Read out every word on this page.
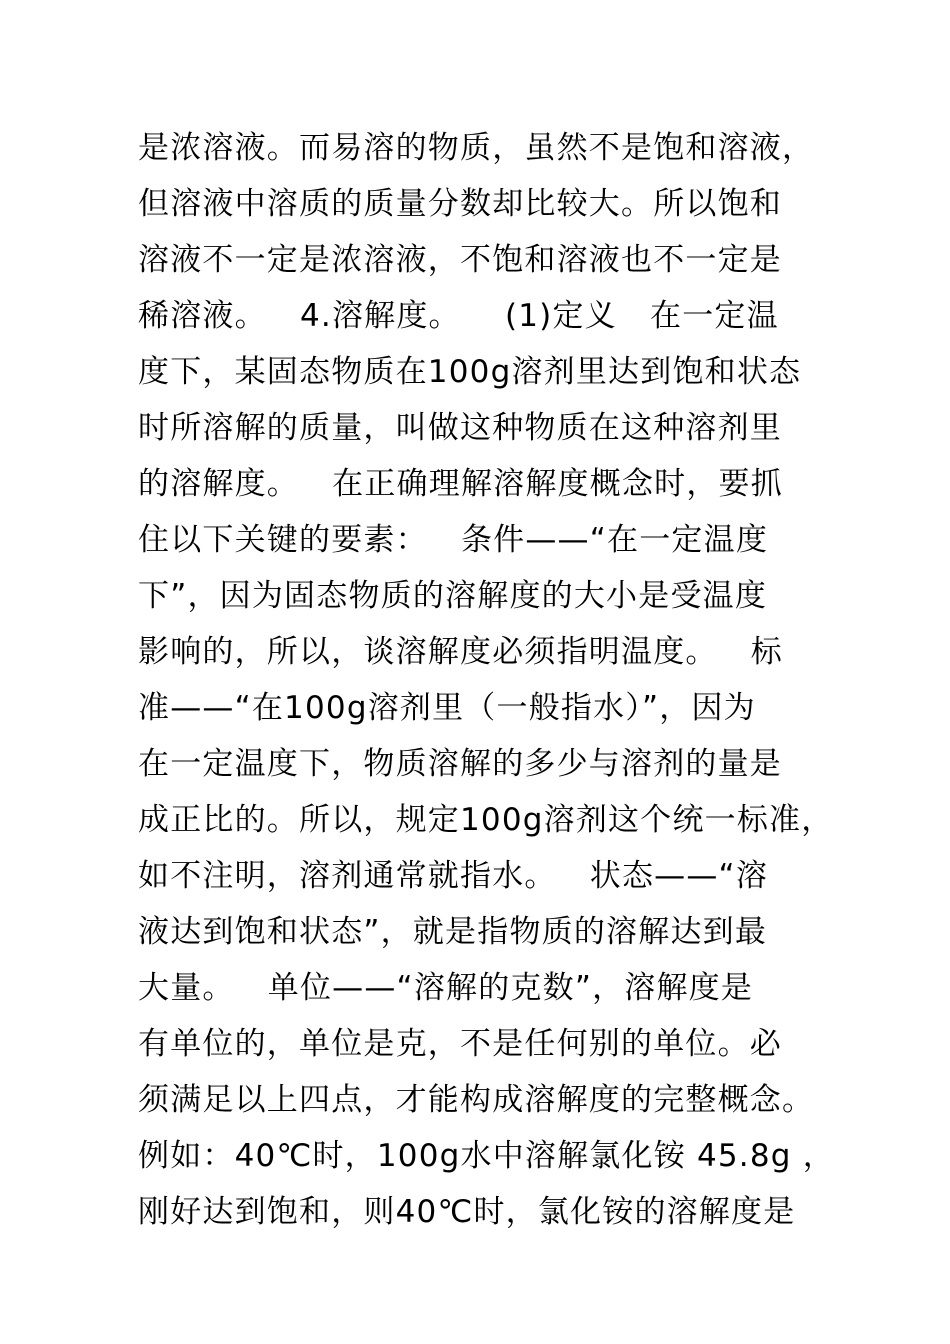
是浓溶液。而易溶的物质，虽然不是饱和溶液，
但溶液中溶质的质量分数却比较大。所以饱和
溶液不一定是浓溶液，不饱和溶液也不一定是
稀溶液。   4.溶解度。    (1)定义   在一定温
度下，某固态物质在100g溶剂里达到饱和状态
时所溶解的质量，叫做这种物质在这种溶剂里
的溶解度。   在正确理解溶解度概念时，要抓
住以下关键的要素：   条件——“在一定温度
下”，因为固态物质的溶解度的大小是受温度
影响的，所以，谈溶解度必须指明温度。   标
准——“在100g溶剂里（一般指水）”，因为
在一定温度下，物质溶解的多少与溶剂的量是
成正比的。所以，规定100g溶剂这个统一标准，
如不注明，溶剂通常就指水。   状态——“溶
液达到饱和状态”，就是指物质的溶解达到最
大量。   单位——“溶解的克数”，溶解度是
有单位的，单位是克，不是任何别的单位。必
须满足以上四点，才能构成溶解度的完整概念。
例如：40℃时，100g水中溶解氯化铵 45.8g ，
刚好达到饱和，则40℃时，氯化铵的溶解度是
